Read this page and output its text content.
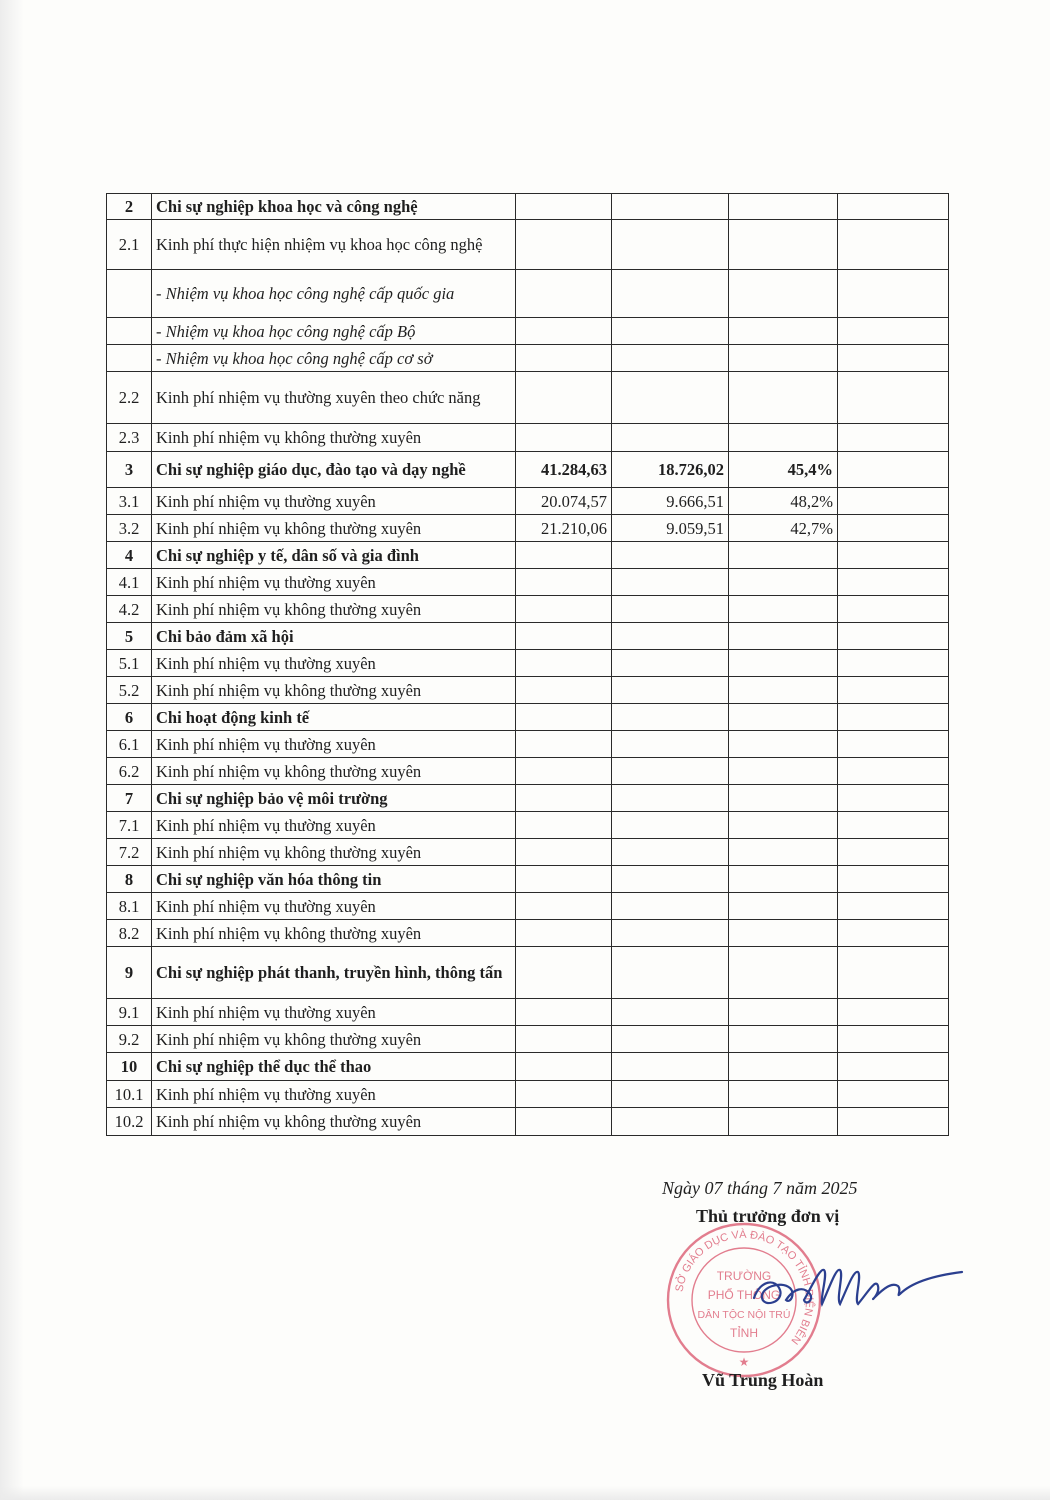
2	Chi sự nghiệp khoa học và công nghệ				
2.1	Kinh phí thực hiện nhiệm vụ khoa học công nghệ				
	- Nhiệm vụ khoa học công nghệ cấp quốc gia				
	- Nhiệm vụ khoa học công nghệ cấp Bộ				
	- Nhiệm vụ khoa học công nghệ cấp cơ sở				
2.2	Kinh phí nhiệm vụ thường xuyên theo chức năng				
2.3	Kinh phí nhiệm vụ không thường xuyên				
3	Chi sự nghiệp giáo dục, đào tạo và dạy nghề	41.284,63	18.726,02	45,4%	
3.1	Kinh phí nhiệm vụ thường xuyên	20.074,57	9.666,51	48,2%	
3.2	Kinh phí nhiệm vụ không thường xuyên	21.210,06	9.059,51	42,7%	
4	Chi sự nghiệp y tế, dân số và gia đình				
4.1	Kinh phí nhiệm vụ thường xuyên				
4.2	Kinh phí nhiệm vụ không thường xuyên				
5	Chi bảo đảm xã hội				
5.1	Kinh phí nhiệm vụ thường xuyên				
5.2	Kinh phí nhiệm vụ không thường xuyên				
6	Chi hoạt động kinh tế				
6.1	Kinh phí nhiệm vụ thường xuyên				
6.2	Kinh phí nhiệm vụ không thường xuyên				
7	Chi sự nghiệp bảo vệ môi trường				
7.1	Kinh phí nhiệm vụ thường xuyên				
7.2	Kinh phí nhiệm vụ không thường xuyên				
8	Chi sự nghiệp văn hóa thông tin				
8.1	Kinh phí nhiệm vụ thường xuyên				
8.2	Kinh phí nhiệm vụ không thường xuyên				
9	Chi sự nghiệp phát thanh, truyền hình, thông tấn				
9.1	Kinh phí nhiệm vụ thường xuyên				
9.2	Kinh phí nhiệm vụ không thường xuyên				
10	Chi sự nghiệp thể dục thể thao				
10.1	Kinh phí nhiệm vụ thường xuyên				
10.2	Kinh phí nhiệm vụ không thường xuyên				
Ngày 07 tháng 7 năm 2025
Thủ trưởng đơn vị
SỞ GIÁO DỤC VÀ ĐÀO TẠO TỈNH ĐIỆN BIÊN
TRƯỜNG
PHỔ THÔNG
DÂN TỘC NỘI TRÚ
TỈNH
★
Vũ Trung Hoàn
